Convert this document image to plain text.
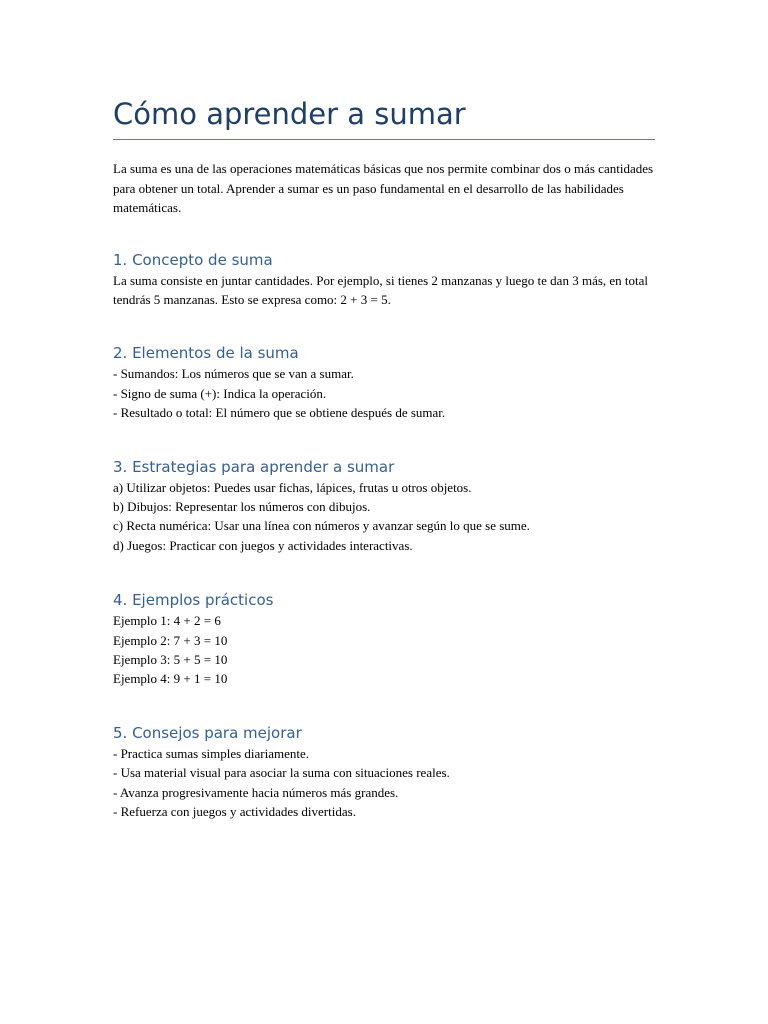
Cómo aprender a sumar

La suma es una de las operaciones matemáticas básicas que nos permite combinar dos o más cantidades para obtener un total. Aprender a sumar es un paso fundamental en el desarrollo de las habilidades matemáticas.

1. Concepto de suma
La suma consiste en juntar cantidades. Por ejemplo, si tienes 2 manzanas y luego te dan 3 más, en total tendrás 5 manzanas. Esto se expresa como: 2 + 3 = 5.
2. Elementos de la suma
- Sumandos: Los números que se van a sumar.
- Signo de suma (+): Indica la operación.
- Resultado o total: El número que se obtiene después de sumar.
3. Estrategias para aprender a sumar
a) Utilizar objetos: Puedes usar fichas, lápices, frutas u otros objetos.
b) Dibujos: Representar los números con dibujos.
c) Recta numérica: Usar una línea con números y avanzar según lo que se sume.
d) Juegos: Practicar con juegos y actividades interactivas.
4. Ejemplos prácticos
Ejemplo 1: 4 + 2 = 6
Ejemplo 2: 7 + 3 = 10
Ejemplo 3: 5 + 5 = 10
Ejemplo 4: 9 + 1 = 10
5. Consejos para mejorar
- Practica sumas simples diariamente.
- Usa material visual para asociar la suma con situaciones reales.
- Avanza progresivamente hacia números más grandes.
- Refuerza con juegos y actividades divertidas.
